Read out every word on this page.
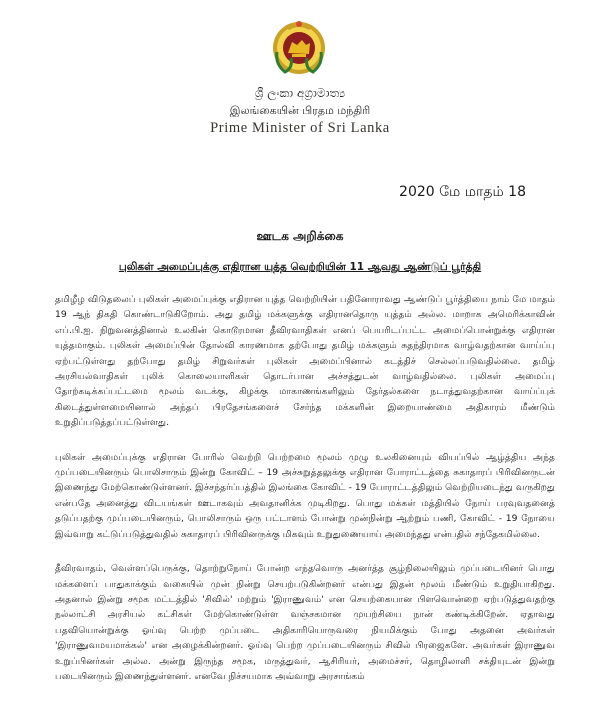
ශ්‍රී ලංකා අග්‍රාමාත්‍ය
இலங்கையின் பிரதம மந்திரி
Prime Minister of Sri Lanka
2020 மே மாதம் 18
ஊடக அறிக்கை
புலிகள் அமைப்புக்கு எதிரான யுத்த வெற்றியின் 11 ஆவது ஆண்டுப் பூர்த்தி

தமிழீழ விடுதலைப் புலிகள் அமைப்புக்கு எதிரான யுத்த வெற்றியின் பதினோராவது ஆண்டுப் பூர்த்தியை நாம் மே மாதம் 19 ஆந் திகதி கொண்டாடுகிறோம். அது தமிழ் மக்களுக்கு எதிரானதொரு யுத்தம் அல்ல. மாறாக அமெரிக்காவின் எப்.பி.ஐ. நிறுவனத்தினால் உலகின் கொடூரமான தீவிரவாதிகள் எனப் பெயரிடப்பட்ட அமைப்பொன்றுக்கு எதிரான யுத்தமாகும். புலிகள் அமைப்பின் தோல்வி காரணமாக தற்போது தமிழ் மக்களும் சுதந்திரமாக வாழ்வதற்கான வாய்ப்பு ஏற்பட்டுள்ளது தற்போது தமிழ் சிறுவர்கள் புலிகள் அமைப்பினால் கடத்திச் செல்லப்படுவதில்லை. தமிழ் அரசியல்வாதிகள் புலிக் கொலையாளிகள் தொடர்பான அச்சத்துடன் வாழ்வதில்லை. புலிகள் அமைப்பு தோற்கடிக்கப்பட்டமை மூலம் வடக்கு, கிழக்கு மாகாணங்களிலும் தேர்தல்களை நடாத்துவதற்கான வாய்ப்புக் கிடைத்துள்ளமையினால் அந்தப் பிரதேசங்களைச் சேர்ந்த மக்களின் இறையாண்மை அதிகாரம் மீண்டும் உறுதிப்படுத்தப்பட்டுள்ளது.

புலிகள் அமைப்புக்கு எதிரான போரில் வெற்றி பெற்றமை மூலம் முழு உலகினையும் வியப்பில் ஆழ்த்திய அந்த முப்படையினரும் பொலிசாரும் இன்று கோவிட் – 19 அச்சுறுத்தலுக்கு எதிரான போராட்டத்தை சுகாதாரப் பிரிவினருடன் இணைந்து மேற்கொண்டுள்ளனர். இச்சந்தர்ப்பத்தில் இலங்கை கோவிட் - 19 போராட்டத்திலும் வெற்றியடைந்து வருகிறது என்பதே அனைத்து விடயங்கள் ஊடாகவும் அவதானிக்க முடிகிறது. பொது மக்கள் மத்தியில் நோய் பரவுவதனைத் தடுப்பதற்கு முப்படையினரும், பொலிசாரும் ஒரு பட்டாளம் போன்று முன்நின்று ஆற்றும் பணி, கோவிட் - 19 நோயை இவ்வாறு கட்டுப்படுத்துவதில் சுகாதாரப் பிரிவினருக்கு மிகவும் உறுதுணையாய் அமைந்தது என்பதில் சந்தேகமில்லை.

தீவிரவாதம், வெள்ளப்பெருக்கு, தொற்றுநோய் போன்ற எந்தவொரு அனர்த்த சூழ்நிலையிலும் முப்படையினர் பொது மக்களைப் பாதுகாக்கும் வகையில் முன் நின்று செயற்படுகின்றனர் என்பது இதன் மூலம் மீண்டும் உறுதியாகிறது. அதனால் இன்று சமூக மட்டத்தில் 'சிவில்' மற்றும் 'இராணுவம்' என செயற்கையான பிளவொன்றை ஏற்படுத்துவதற்கு நல்லாட்சி அரசியல் கட்சிகள் மேற்கொண்டுள்ள வஞ்சகமான முயற்சியை நான் கண்டிக்கிறேன். ஏதாவது பதவியொன்றுக்கு ஓய்வு பெற்ற முப்படை அதிகாரியொருவரை நியமிக்கும் போது அதனை அவர்கள் 'இராணுவமயமாக்கல்' என அழைக்கின்றனர். ஓய்வு பெற்ற முப்படையினரும் சிவில் பிரஜைகளே. அவர்கள் இராணுவ உறுப்பினர்கள் அல்ல. அன்று இருந்த சமூக, மருத்துவர், ஆசிரியர், அமைச்சர், தொழிலாளி சக்தியுடன் இன்று படையினரும் இணைந்துள்ளனர். எனவே நிச்சயமாக அவ்வாறு அரசாங்கம்
